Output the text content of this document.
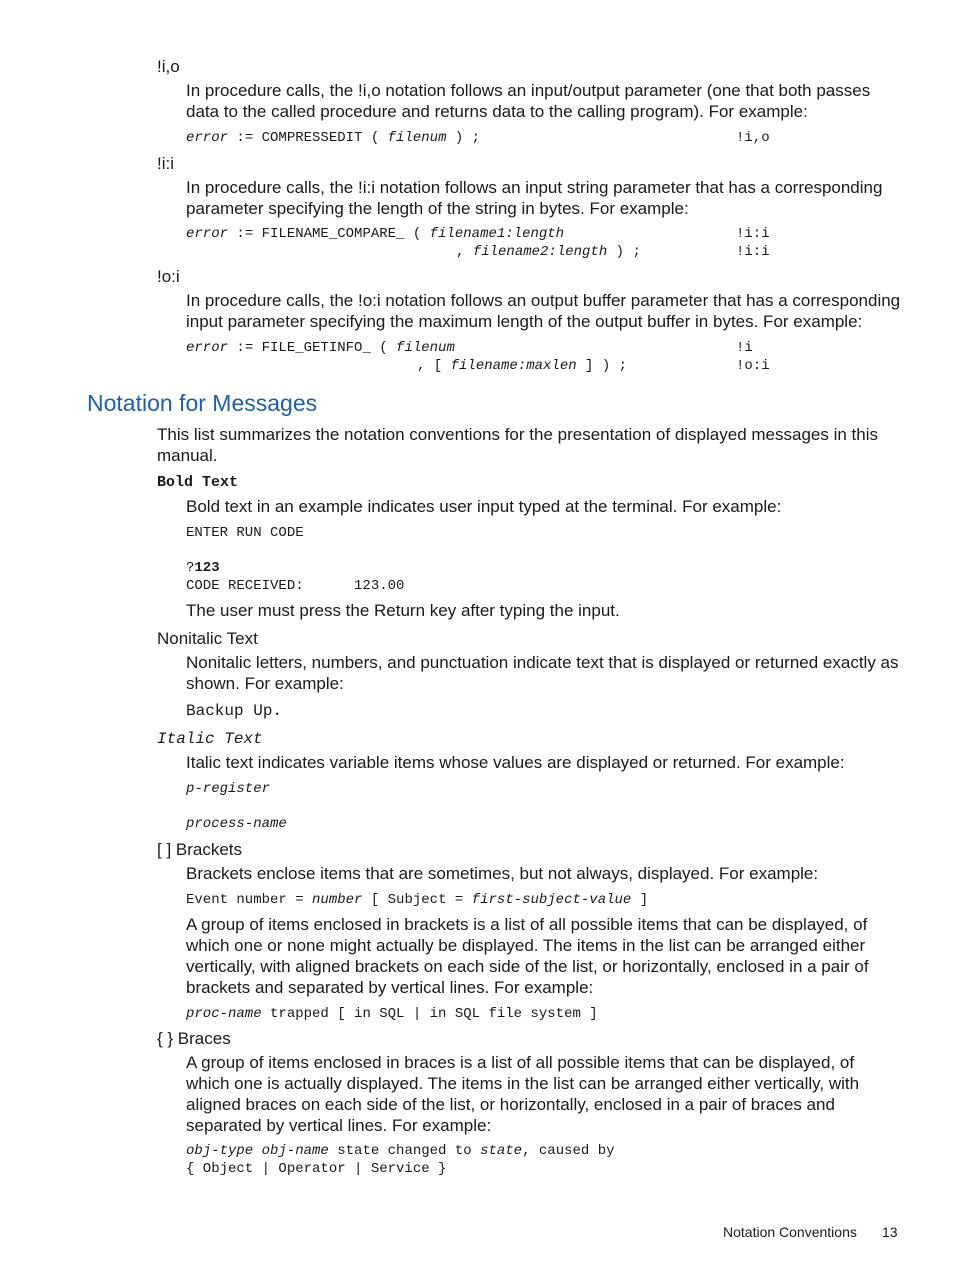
!i,o
In procedure calls, the !i,o notation follows an input/output parameter (one that both passes data to the called procedure and returns data to the calling program). For example:
error := COMPRESSEDIT ( filenum ) ;	!i,o
!i:i
In procedure calls, the !i:i notation follows an input string parameter that has a corresponding parameter specifying the length of the string in bytes. For example:
error := FILENAME_COMPARE_ ( filename1:length	!i:i
, filename2:length ) ;	!i:i
!o:i
In procedure calls, the !o:i notation follows an output buffer parameter that has a corresponding input parameter specifying the maximum length of the output buffer in bytes. For example:
error := FILE_GETINFO_ ( filenum	!i
, [ filename:maxlen ] ) ;	!o:i
Notation for Messages
This list summarizes the notation conventions for the presentation of displayed messages in this manual.
Bold Text
Bold text in an example indicates user input typed at the terminal. For example:
ENTER RUN CODE
?123
CODE RECEIVED:      123.00
The user must press the Return key after typing the input.
Nonitalic Text
Nonitalic letters, numbers, and punctuation indicate text that is displayed or returned exactly as shown. For example:
Backup Up.
Italic Text
Italic text indicates variable items whose values are displayed or returned. For example:
p-register
process-name
[ ] Brackets
Brackets enclose items that are sometimes, but not always, displayed. For example:
Event number = number [ Subject = first-subject-value ]
A group of items enclosed in brackets is a list of all possible items that can be displayed, of which one or none might actually be displayed. The items in the list can be arranged either vertically, with aligned brackets on each side of the list, or horizontally, enclosed in a pair of brackets and separated by vertical lines. For example:
proc-name trapped [ in SQL | in SQL file system ]
{ } Braces
A group of items enclosed in braces is a list of all possible items that can be displayed, of which one is actually displayed. The items in the list can be arranged either vertically, with aligned braces on each side of the list, or horizontally, enclosed in a pair of braces and separated by vertical lines. For example:
obj-type obj-name state changed to state, caused by
{ Object | Operator | Service }
Notation Conventions 13
